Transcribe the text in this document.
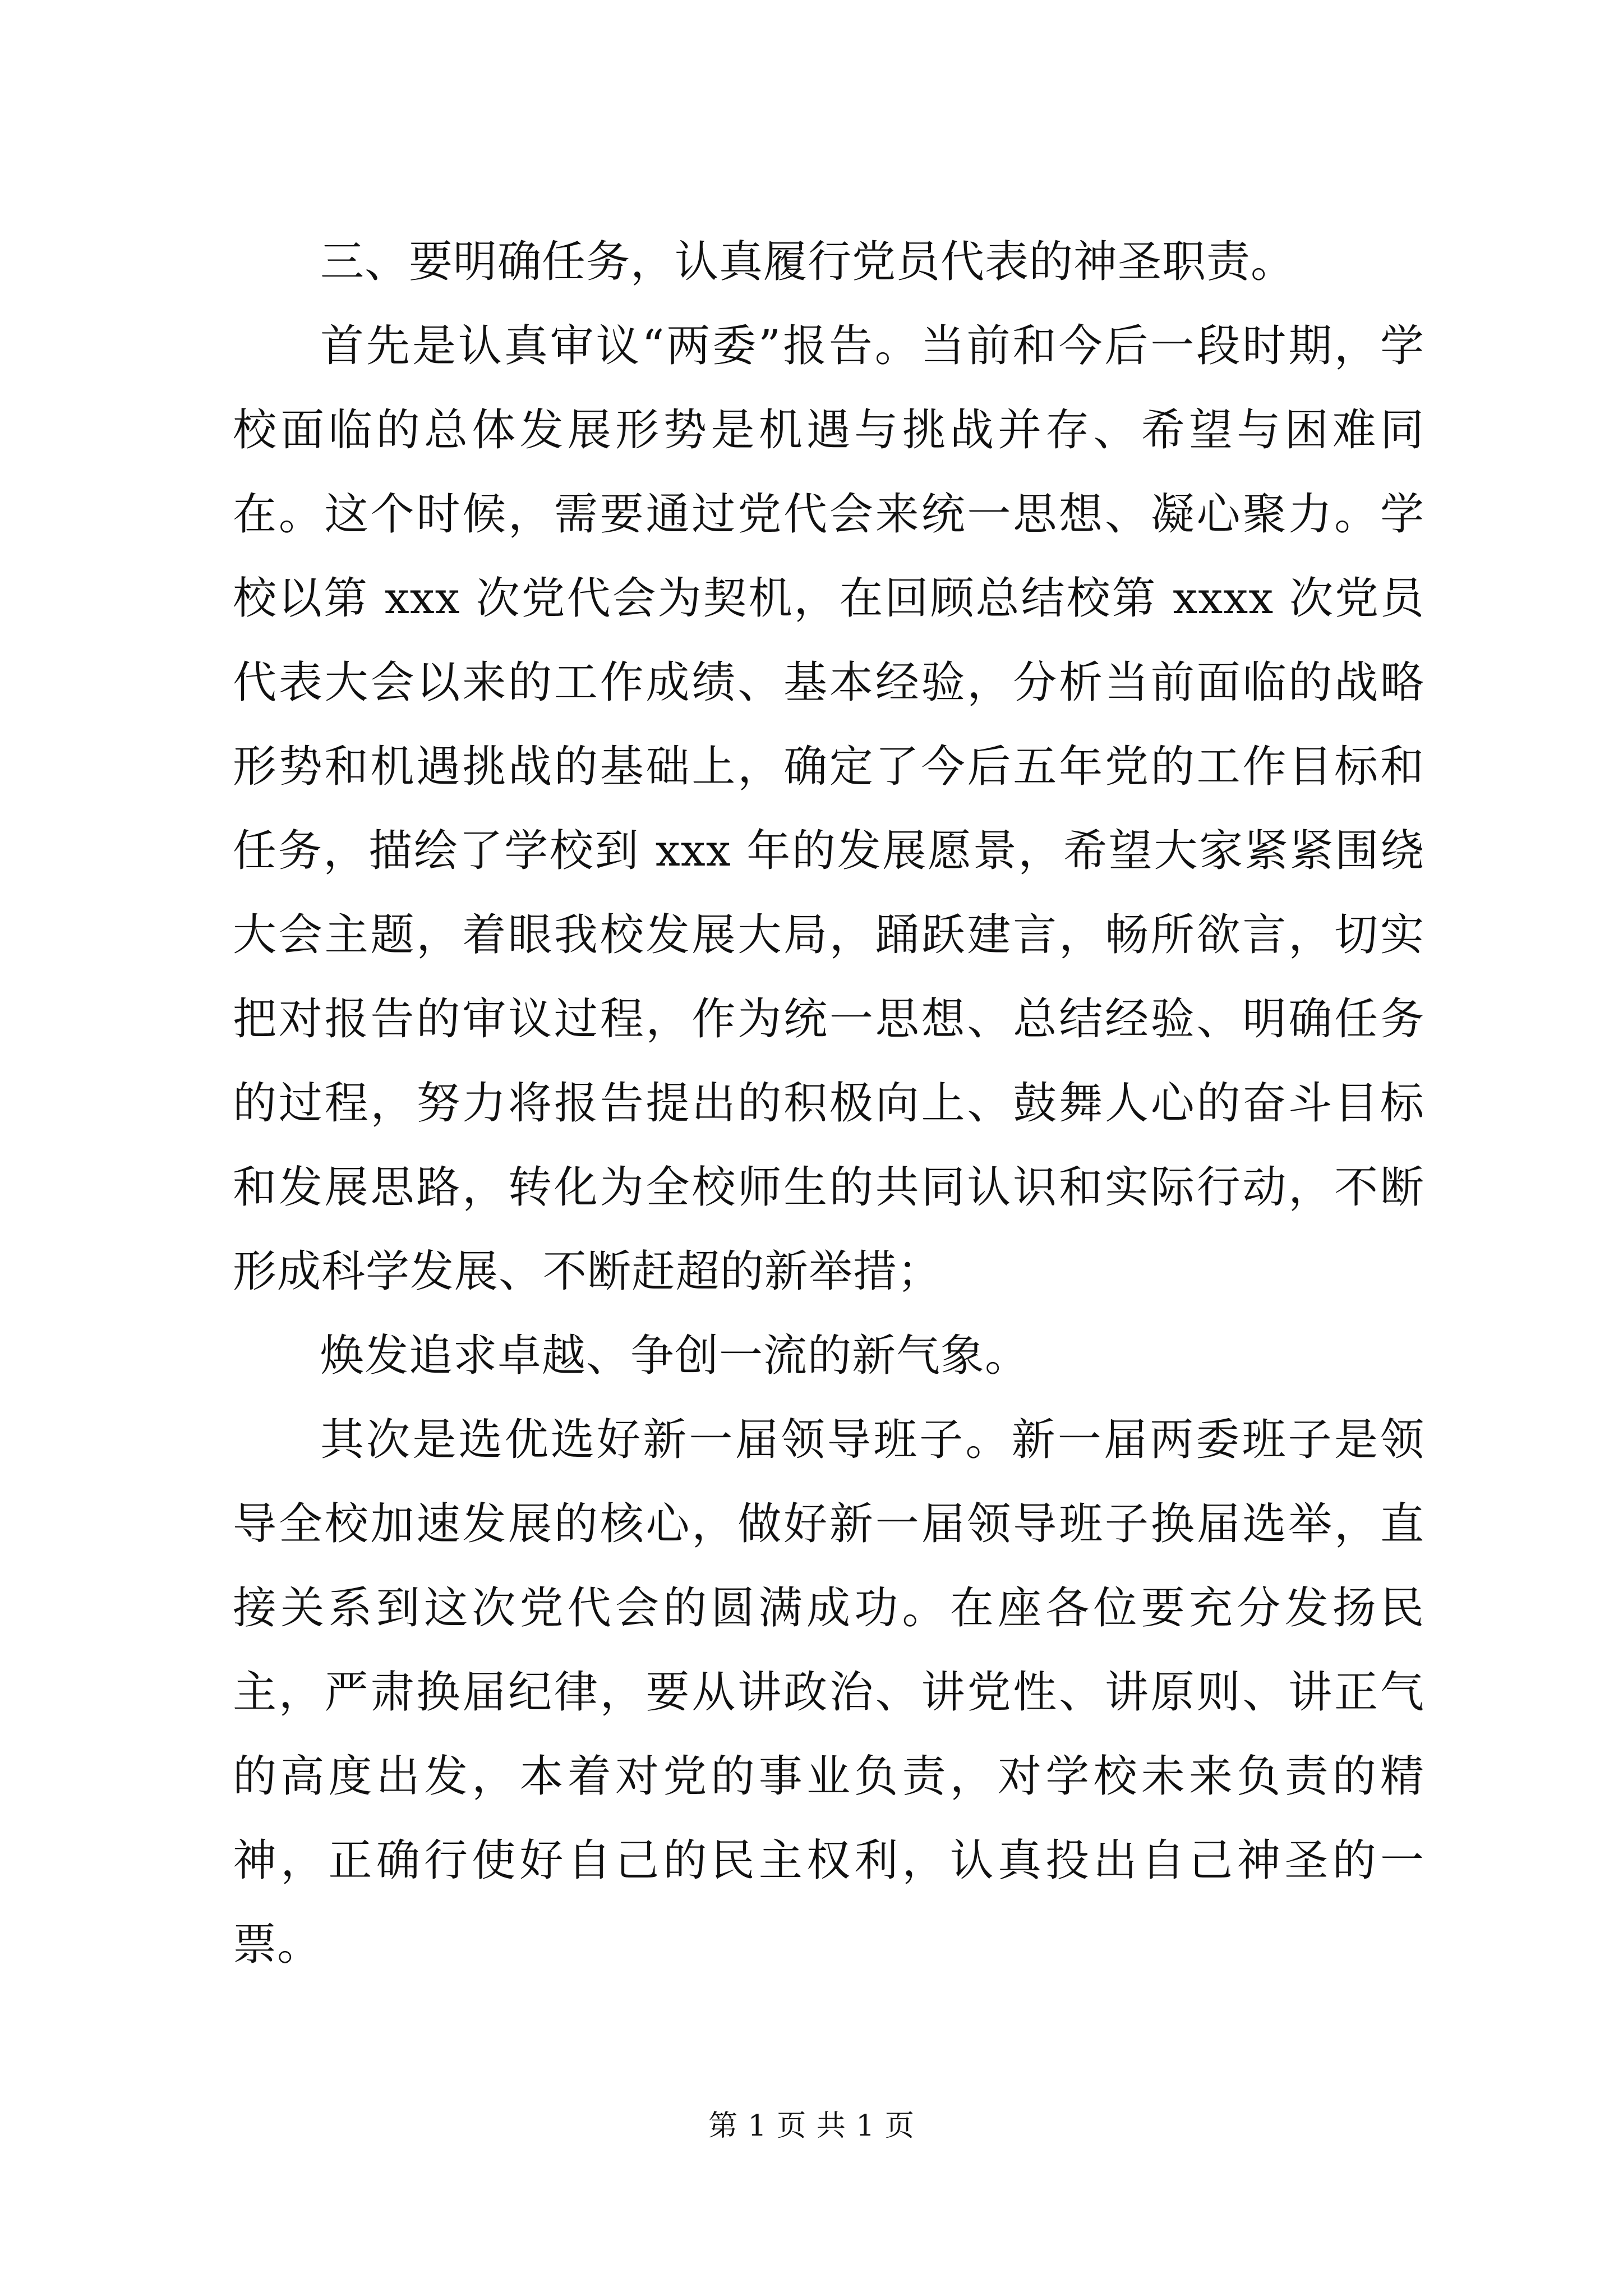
三、要明确任务，认真履行党员代表的神圣职责。

首先是认真审议“两委”报告。当前和今后一段时期，学校面临的总体发展形势是机遇与挑战并存、希望与困难同在。这个时候，需要通过党代会来统一思想、凝心聚力。学校以第 xxx 次党代会为契机，在回顾总结校第 xxxx 次党员代表大会以来的工作成绩、基本经验，分析当前面临的战略形势和机遇挑战的基础上，确定了今后五年党的工作目标和任务，描绘了学校到 xxx 年的发展愿景，希望大家紧紧围绕大会主题，着眼我校发展大局，踊跃建言，畅所欲言，切实把对报告的审议过程，作为统一思想、总结经验、明确任务的过程，努力将报告提出的积极向上、鼓舞人心的奋斗目标和发展思路，转化为全校师生的共同认识和实际行动，不断形成科学发展、不断赶超的新举措；

焕发追求卓越、争创一流的新气象。

其次是选优选好新一届领导班子。新一届两委班子是领导全校加速发展的核心，做好新一届领导班子换届选举，直接关系到这次党代会的圆满成功。在座各位要充分发扬民主，严肃换届纪律，要从讲政治、讲党性、讲原则、讲正气的高度出发，本着对党的事业负责，对学校未来负责的精神，正确行使好自己的民主权利，认真投出自己神圣的一票。

第 1 页 共 1 页
